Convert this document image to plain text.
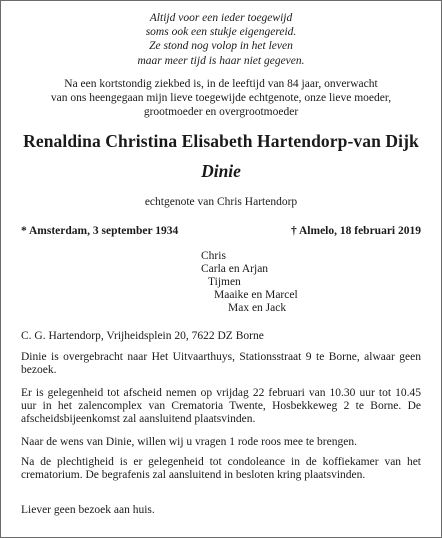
Altijd voor een ieder toegewijd
soms ook een stukje eigengereid.
Ze stond nog volop in het leven
maar meer tijd is haar niet gegeven.
Na een kortstondig ziekbed is, in de leeftijd van 84 jaar, onverwacht
van ons heengegaan mijn lieve toegewijde echtgenote, onze lieve moeder,
grootmoeder en overgrootmoeder
Renaldina Christina Elisabeth Hartendorp-van Dijk
Dinie
echtgenote van Chris Hartendorp
* Amsterdam, 3 september 1934	† Almelo, 18 februari 2019
Chris
Carla en Arjan
Tijmen
Maaike en Marcel
Max en Jack
C. G. Hartendorp, Vrijheidsplein 20, 7622 DZ Borne
Dinie is overgebracht naar Het Uitvaarthuys, Stationsstraat 9 te Borne, alwaar geen bezoek.
Er is gelegenheid tot afscheid nemen op vrijdag 22 februari van 10.30 uur tot 10.45 uur in het zalencomplex van Crematoria Twente, Hosbekkeweg 2 te Borne. De afscheidsbijeenkomst zal aansluitend plaatsvinden.
Naar de wens van Dinie, willen wij u vragen 1 rode roos mee te brengen.
Na de plechtigheid is er gelegenheid tot condoleance in de koffiekamer van het crematorium. De begrafenis zal aansluitend in besloten kring plaatsvinden.
Liever geen bezoek aan huis.
